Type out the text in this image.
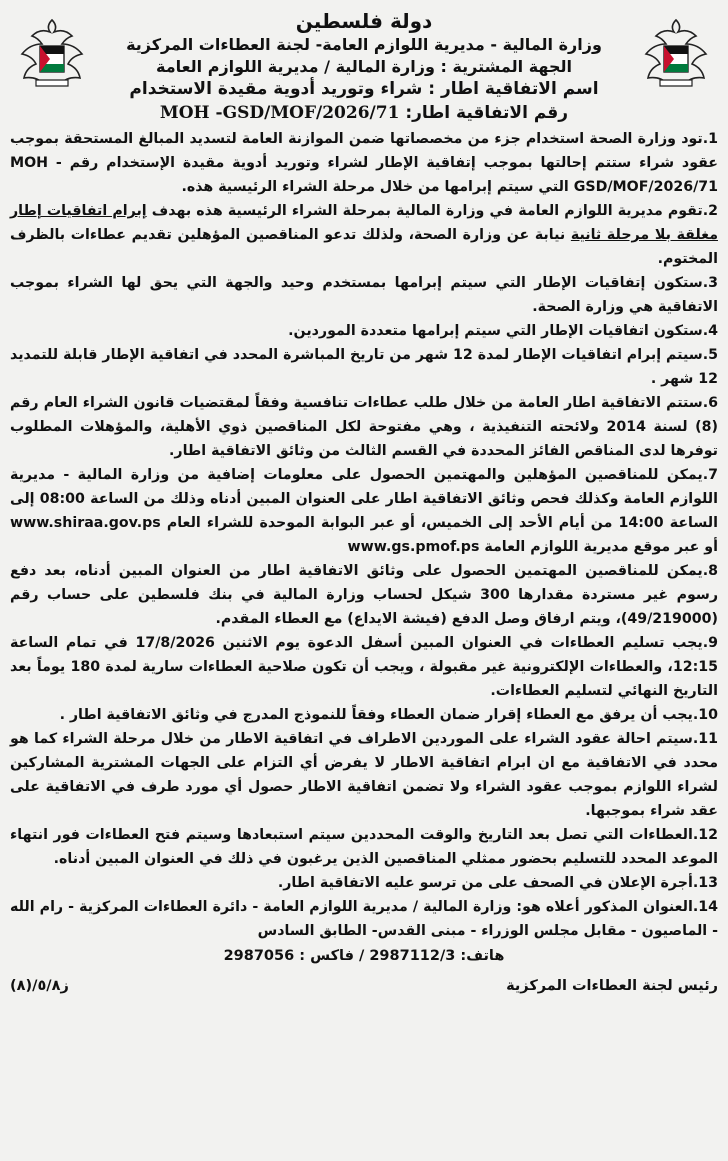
دولة فلسطين
وزارة المالية - مديرية اللوازم العامة- لجنة العطاءات المركزية
الجهة المشترية : وزارة المالية / مديرية اللوازم العامة
اسم الاتفاقية اطار : شراء وتوريد أدوية مقيدة الاستخدام
رقم الاتفاقية اطار: MOH -GSD/MOF/2026/71

1.تود وزارة الصحة استخدام جزء من مخصصاتها ضمن الموازنة العامة لتسديد المبالغ المستحقة بموجب عقود شراء ستتم إحالتها بموجب إتفاقية الإطار لشراء وتوريد أدوية مقيدة الإستخدام رقم MOH - GSD/MOF/2026/71 التي سيتم إبرامها من خلال مرحلة الشراء الرئيسية هذه.

2.تقوم مديرية اللوازم العامة في وزارة المالية بمرحلة الشراء الرئيسية هذه بهدف إبرام اتفاقيات إطار مغلقة بلا مرحلة ثانية نيابة عن وزارة الصحة، ولذلك تدعو المناقصين المؤهلين تقديم عطاءات بالظرف المختوم.

3.ستكون إتفاقيات الإطار التي سيتم إبرامها بمستخدم وحيد والجهة التي يحق لها الشراء بموجب الاتفاقية هي وزارة الصحة.

4.ستكون اتفاقيات الإطار التي سيتم إبرامها متعددة الموردين.

5.سيتم إبرام اتفاقيات الإطار لمدة 12 شهر من تاريخ المباشرة المحدد في اتفاقية الإطار قابلة للتمديد 12 شهر .

6.ستتم الاتفاقية اطار العامة من خلال طلب عطاءات تنافسية وفقاً لمقتضيات قانون الشراء العام رقم (8) لسنة 2014 ولائحته التنفيذية ، وهي مفتوحة لكل المناقصين ذوي الأهلية، والمؤهلات المطلوب توفرها لدى المناقص الفائز المحددة في القسم الثالث من وثائق الاتفاقية اطار.

7.يمكن للمناقصين المؤهلين والمهتمين الحصول على معلومات إضافية من وزارة المالية - مديرية اللوازم العامة وكذلك فحص وثائق الاتفاقية اطار على العنوان المبين أدناه وذلك من الساعة 08:00 إلى الساعة 14:00 من أيام الأحد إلى الخميس، أو عبر البوابة الموحدة للشراء العام www.shiraa.gov.ps أو عبر موقع مديرية اللوازم العامة www.gs.pmof.ps

8.يمكن للمناقصين المهتمين الحصول على وثائق الاتفاقية اطار من العنوان المبين أدناه، بعد دفع رسوم غير مستردة مقدارها 300 شيكل لحساب وزارة المالية في بنك فلسطين على حساب رقم (49/219000)، ويتم ارفاق وصل الدفع (فيشة الايداع) مع العطاء المقدم.

9.يجب تسليم العطاءات في العنوان المبين أسفل الدعوة يوم الاثنين 17/8/2026 في تمام الساعة 12:15، والعطاءات الإلكترونية غير مقبولة ، ويجب أن تكون صلاحية العطاءات سارية لمدة 180 يوماً بعد التاريخ النهائي لتسليم العطاءات.

10.يجب أن يرفق مع العطاء إقرار ضمان العطاء وفقاً للنموذج المدرج في وثائق الاتفاقية اطار .

11.سيتم احالة عقود الشراء على الموردين الاطراف في اتفاقية الاطار من خلال مرحلة الشراء كما هو محدد في الاتفاقية مع ان ابرام اتفاقية الاطار لا يفرض أي التزام على الجهات المشترية المشاركين لشراء اللوازم بموجب عقود الشراء ولا تضمن اتفاقية الاطار حصول أي مورد طرف في الاتفاقية على عقد شراء بموجبها.

12.العطاءات التي تصل بعد التاريخ والوقت المحددين سيتم استبعادها وسيتم فتح العطاءات فور انتهاء الموعد المحدد للتسليم بحضور ممثلي المناقصين الذين يرغبون في ذلك في العنوان المبين أدناه.

13.أجرة الإعلان في الصحف على من ترسو عليه الاتفاقية اطار.

14.العنوان المذكور أعلاه هو: وزارة المالية / مديرية اللوازم العامة - دائرة العطاءات المركزية - رام الله - الماصيون - مقابل مجلس الوزراء - مبنى القدس- الطابق السادس

هاتف: 2987112/3 / فاكس : 2987056
رئيس لجنة العطاءات المركزية
ز٥/٨/(٨)
